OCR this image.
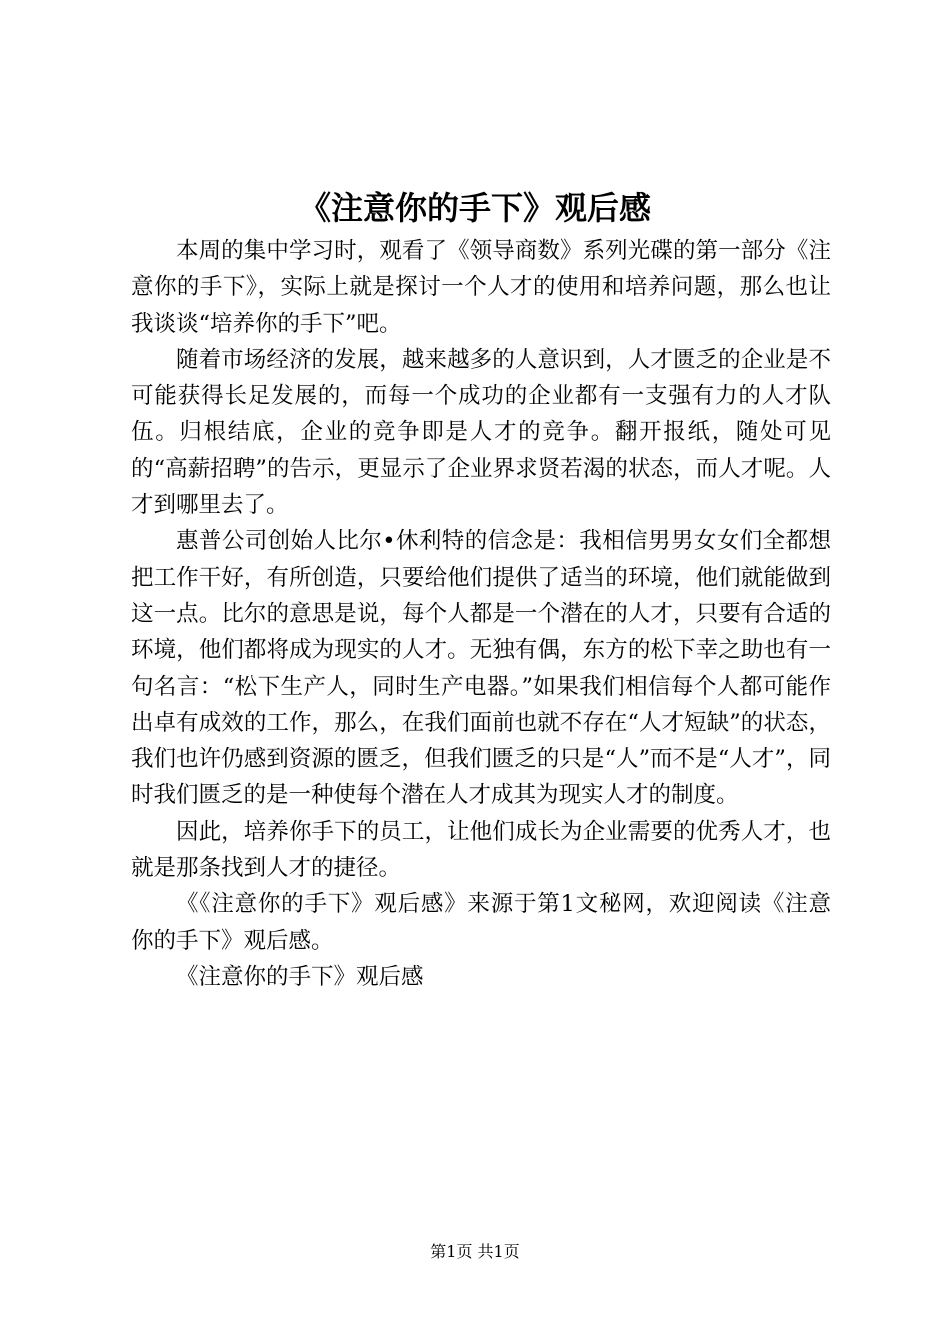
《注意你的手下》观后感

本周的集中学习时，观看了《领导商数》系列光碟的第一部分《注意你的手下》，实际上就是探讨一个人才的使用和培养问题，那么也让我谈谈“培养你的手下”吧。

随着市场经济的发展，越来越多的人意识到，人才匮乏的企业是不可能获得长足发展的，而每一个成功的企业都有一支强有力的人才队伍。归根结底，企业的竞争即是人才的竞争。翻开报纸，随处可见的“高薪招聘”的告示，更显示了企业界求贤若渴的状态，而人才呢。人才到哪里去了。

惠普公司创始人比尔•休利特的信念是：我相信男男女女们全都想把工作干好，有所创造，只要给他们提供了适当的环境，他们就能做到这一点。比尔的意思是说，每个人都是一个潜在的人才，只要有合适的环境，他们都将成为现实的人才。无独有偶，东方的松下幸之助也有一句名言：“松下生产人，同时生产电器。”如果我们相信每个人都可能作出卓有成效的工作，那么，在我们面前也就不存在“人才短缺”的状态，我们也许仍感到资源的匮乏，但我们匮乏的只是“人”而不是“人才”，同时我们匮乏的是一种使每个潜在人才成其为现实人才的制度。

因此，培养你手下的员工，让他们成长为企业需要的优秀人才，也就是那条找到人才的捷径。

《《注意你的手下》观后感》来源于第1文秘网，欢迎阅读《注意你的手下》观后感。

《注意你的手下》观后感

第1页 共1页
